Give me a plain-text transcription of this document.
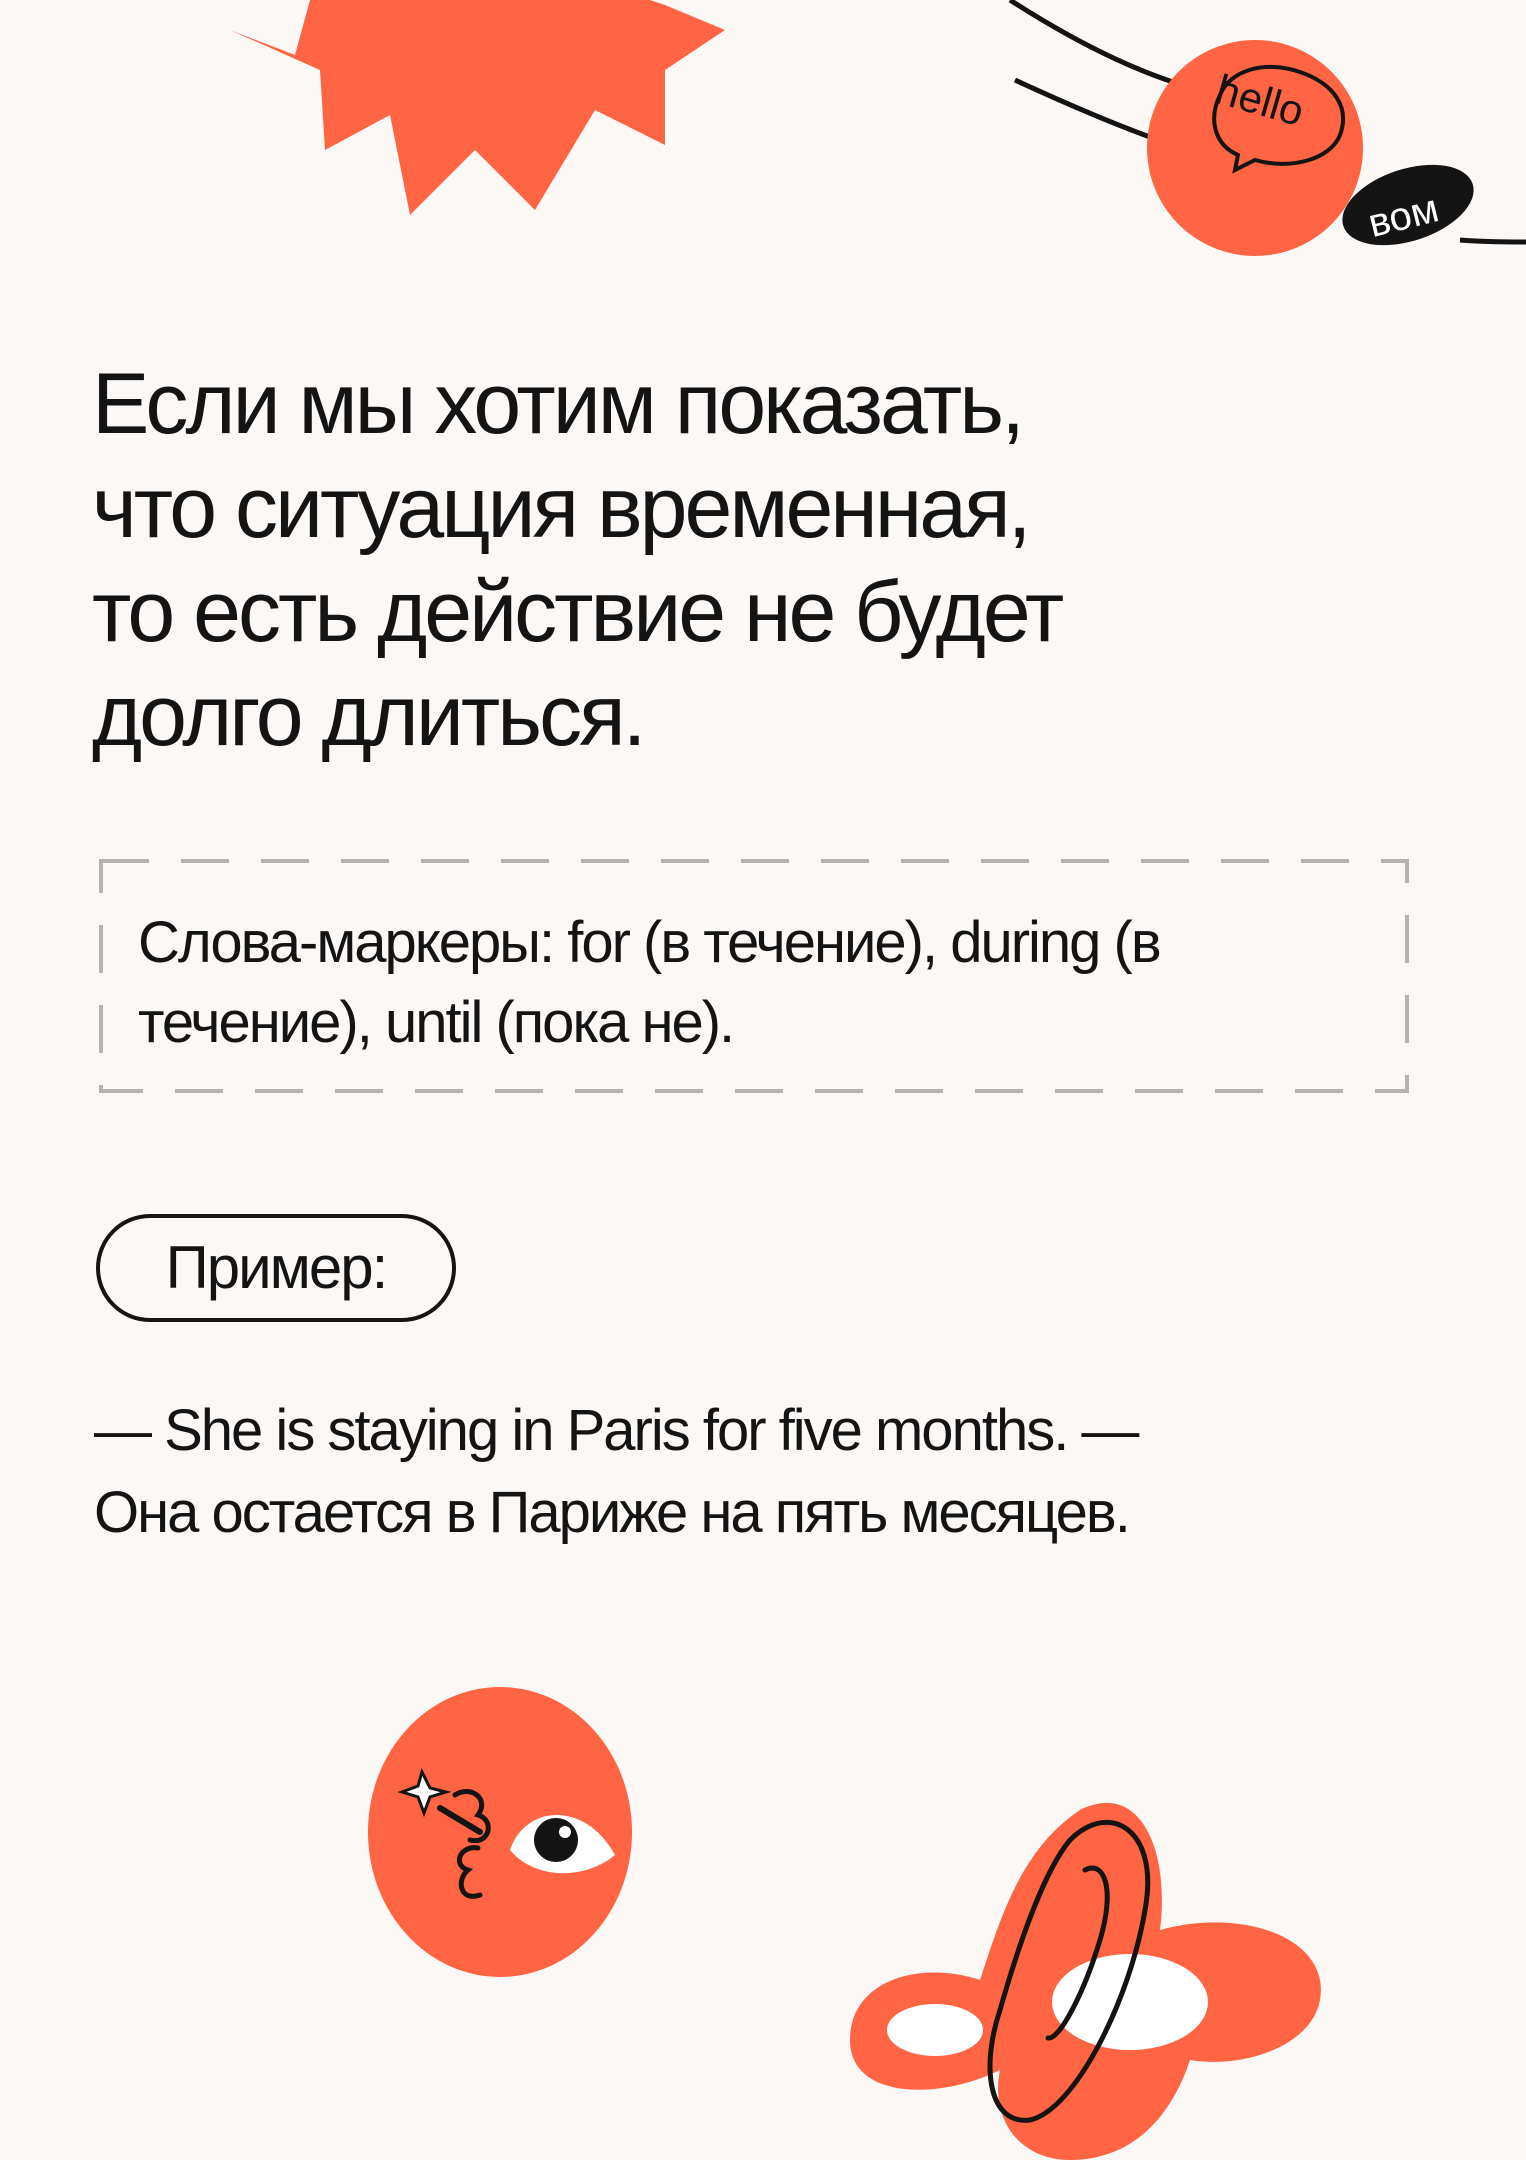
hello
вом
Если мы хотим показать,
что ситуация временная,
то есть действие не будет
долго длиться.
Слова-маркеры: for (в течение), during (в течение), until (пока не).
Пример:
— She is staying in Paris for five months. —
Она остается в Париже на пять месяцев.
